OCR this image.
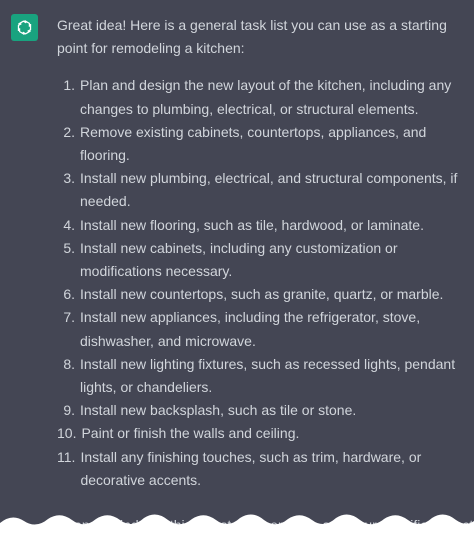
Great idea! Here is a general task list you can use as a starting point for remodeling a kitchen:

1. Plan and design the new layout of the kitchen, including any changes to plumbing, electrical, or structural elements.
2. Remove existing cabinets, countertops, appliances, and flooring.
3. Install new plumbing, electrical, and structural components, if needed.
4. Install new flooring, such as tile, hardwood, or laminate.
5. Install new cabinets, including any customization or modifications necessary.
6. Install new countertops, such as granite, quartz, or marble.
7. Install new appliances, including the refrigerator, stove, dishwasher, and microwave.
8. Install new lighting fixtures, such as recessed lights, pendant lights, or chandeliers.
9. Install new backsplash, such as tile or stone.
10. Paint or finish the walls and ceiling.
11. Install any finishing touches, such as trim, hardware, or decorative accents.
